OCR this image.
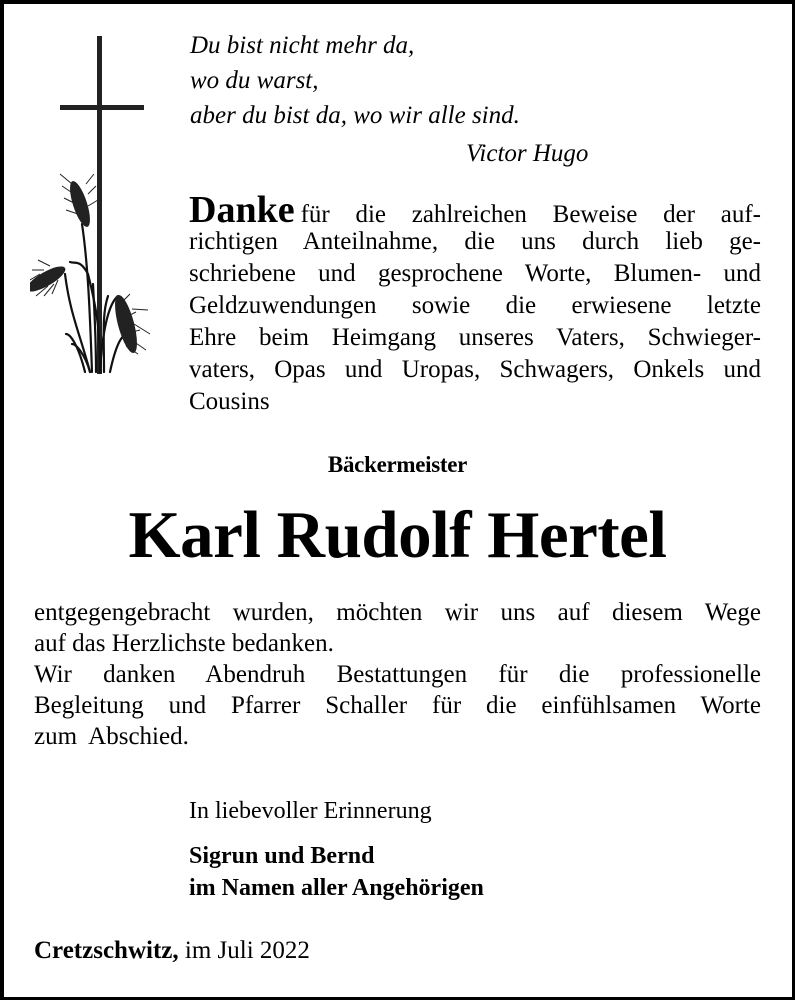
Du bist nicht mehr da,
wo du warst,
aber du bist da, wo wir alle sind.
Victor Hugo
Danke für die zahlreichen Beweise der auf-
richtigen Anteilnahme, die uns durch lieb ge-
schriebene und gesprochene Worte, Blumen- und
Geldzuwendungen sowie die erwiesene letzte
Ehre beim Heimgang unseres Vaters, Schwieger-
vaters, Opas und Uropas, Schwagers, Onkels und
Cousins
Bäckermeister
Karl Rudolf Hertel
entgegengebracht wurden, möchten wir uns auf diesem Wege
auf das Herzlichste bedanken.
Wir danken Abendruh Bestattungen für die professionelle
Begleitung und Pfarrer Schaller für die einfühlsamen Worte
zum  Abschied.
In liebevoller Erinnerung
Sigrun und Bernd
im Namen aller Angehörigen
Cretzschwitz, im Juli 2022
